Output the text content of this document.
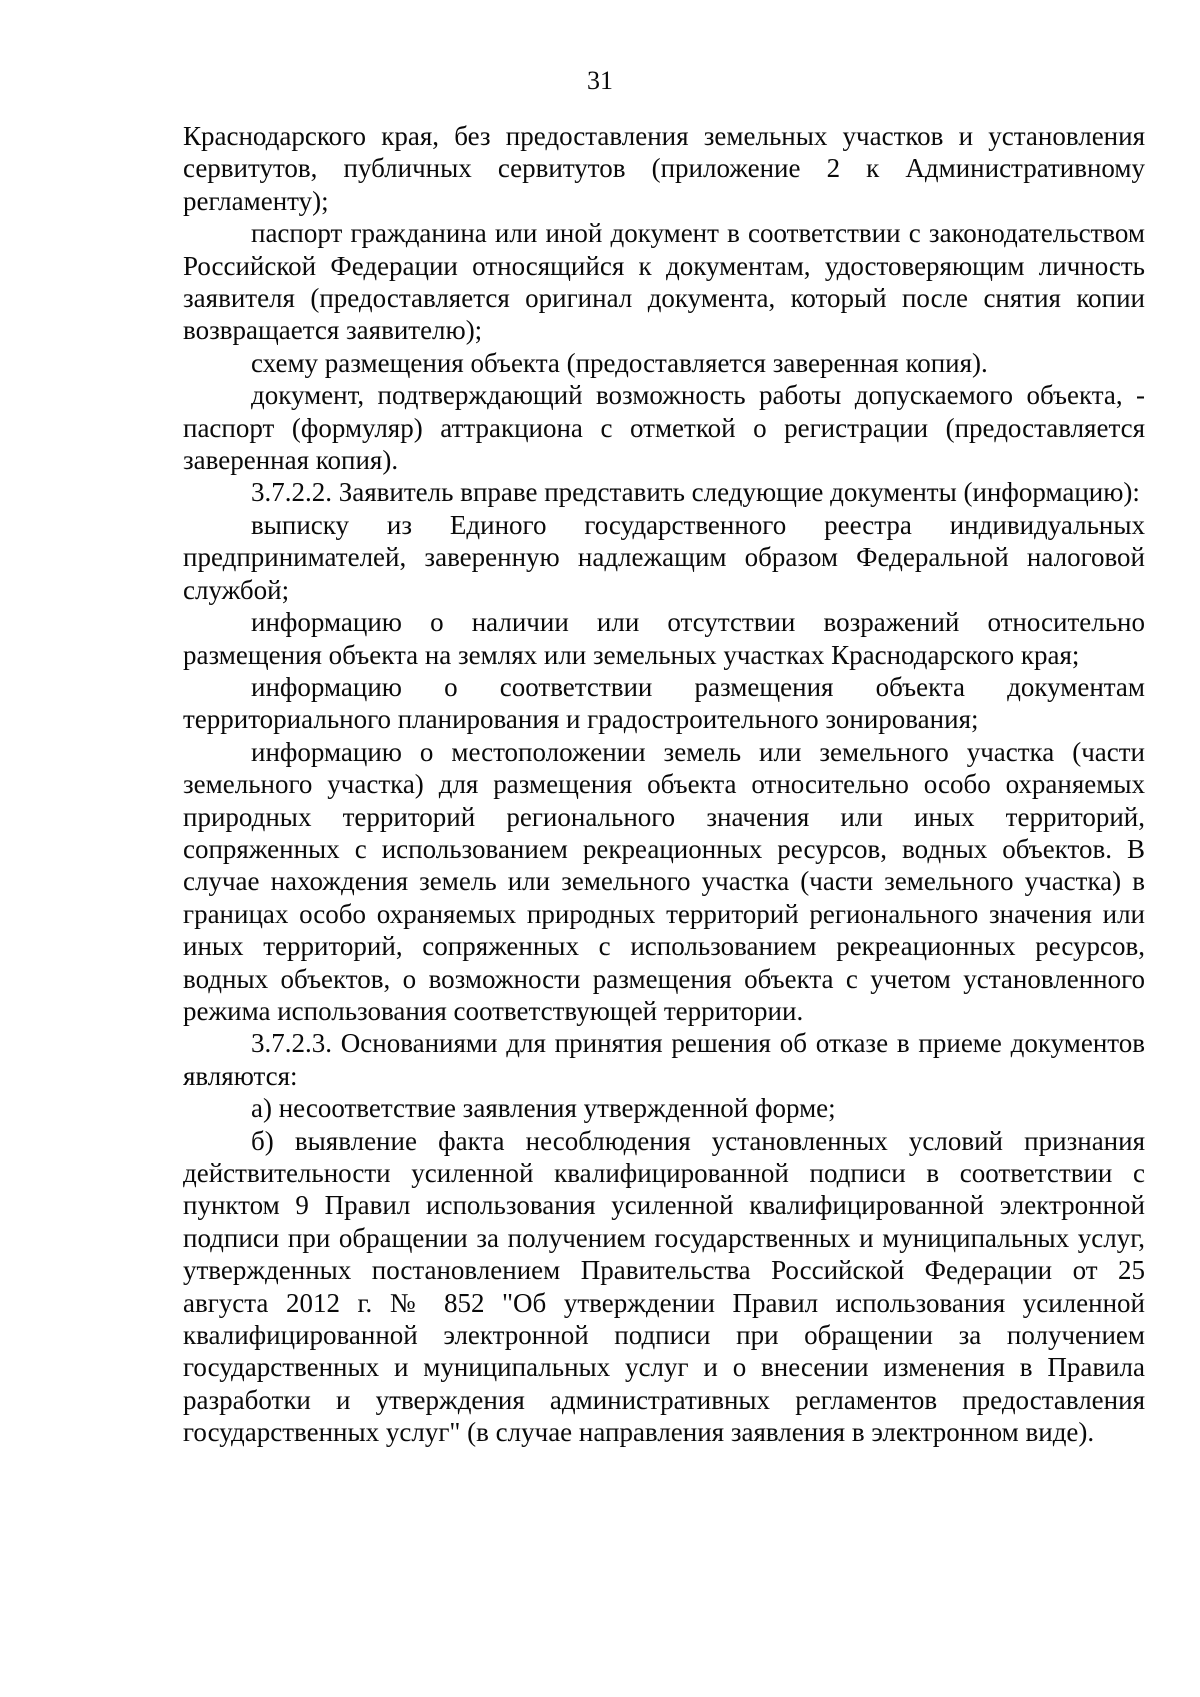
31

Краснодарского края, без предоставления земельных участков и установления сервитутов, публичных сервитутов (приложение 2 к Административному регламенту);

паспорт гражданина или иной документ в соответствии с законодательством Российской Федерации относящийся к документам, удостоверяющим личность заявителя (предоставляется оригинал документа, который после снятия копии возвращается заявителю);

схему размещения объекта (предоставляется заверенная копия).

документ, подтверждающий возможность работы допускаемого объекта, - паспорт (формуляр) аттракциона с отметкой о регистрации (предоставляется заверенная копия).

3.7.2.2. Заявитель вправе представить следующие документы (информацию):

выписку из Единого государственного реестра индивидуальных предпринимателей, заверенную надлежащим образом Федеральной налоговой службой;

информацию о наличии или отсутствии возражений относительно размещения объекта на землях или земельных участках Краснодарского края;

информацию о соответствии размещения объекта документам территориального планирования и градостроительного зонирования;

информацию о местоположении земель или земельного участка (части земельного участка) для размещения объекта относительно особо охраняемых природных территорий регионального значения или иных территорий, сопряженных с использованием рекреационных ресурсов, водных объектов. В случае нахождения земель или земельного участка (части земельного участка) в границах особо охраняемых природных территорий регионального значения или иных территорий, сопряженных с использованием рекреационных ресурсов, водных объектов, о возможности размещения объекта с учетом установленного режима использования соответствующей территории.

3.7.2.3. Основаниями для принятия решения об отказе в приеме документов являются:

а) несоответствие заявления утвержденной форме;

б) выявление факта несоблюдения установленных условий признания действительности усиленной квалифицированной подписи в соответствии с пунктом 9 Правил использования усиленной квалифицированной электронной подписи при обращении за получением государственных и муниципальных услуг, утвержденных постановлением Правительства Российской Федерации от 25 августа 2012 г. № 852 "Об утверждении Правил использования усиленной квалифицированной электронной подписи при обращении за получением государственных и муниципальных услуг и о внесении изменения в Правила разработки и утверждения административных регламентов предоставления государственных услуг" (в случае направления заявления в электронном виде).
